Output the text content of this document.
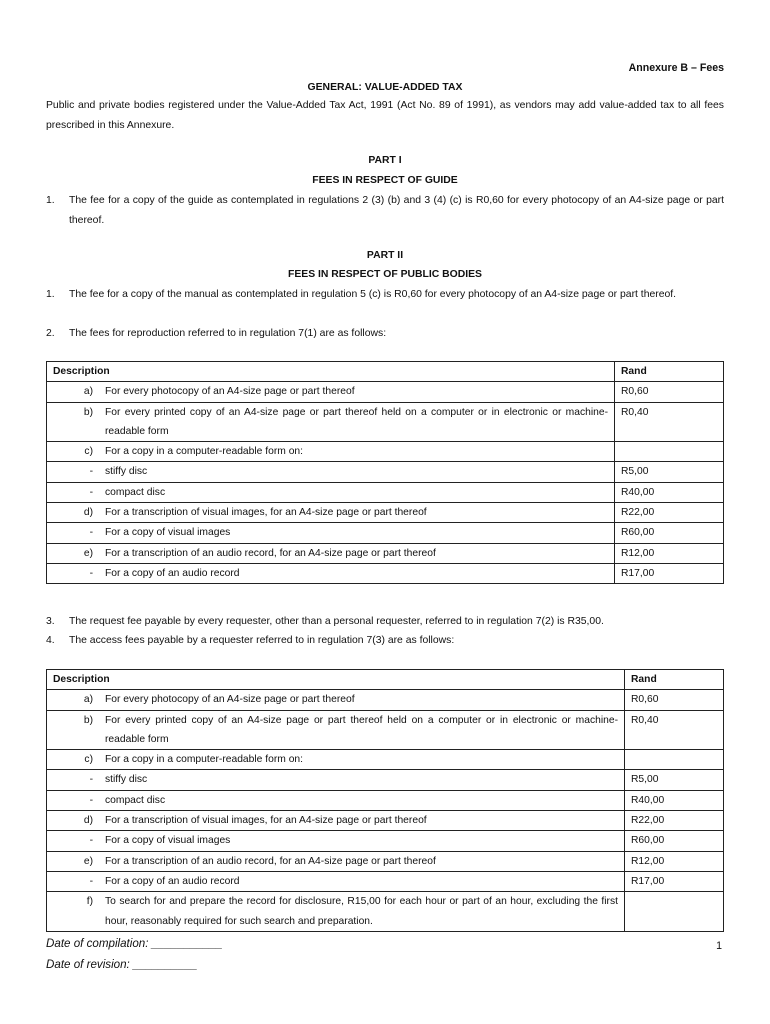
Annexure B – Fees
GENERAL: VALUE-ADDED TAX
Public and private bodies registered under the Value-Added Tax Act, 1991 (Act No. 89 of 1991), as vendors may add value-added tax to all fees prescribed in this Annexure.
PART I
FEES IN RESPECT OF GUIDE
1.	The fee for a copy of the guide as contemplated in regulations 2 (3) (b) and 3 (4) (c) is R0,60 for every photocopy of an A4-size page or part thereof.
PART II
FEES IN RESPECT OF PUBLIC BODIES
1.	The fee for a copy of the manual as contemplated in regulation 5 (c) is R0,60 for every photocopy of an A4-size page or part thereof.
2.	The fees for reproduction referred to in regulation 7(1) are as follows:
Description		Rand
a)	For every photocopy of an A4-size page or part thereof	R0,60
b)	For every printed copy of an A4-size page or part thereof held on a computer or in electronic or machine-readable form	R0,40
c)	For a copy in a computer-readable form on:	
-	stiffy disc	R5,00
-	compact disc	R40,00
d)	For a transcription of visual images, for an A4-size page or part thereof	R22,00
-	For a copy of visual images	R60,00
e)	For a transcription of an audio record, for an A4-size page or part thereof	R12,00
-	For a copy of an audio record	R17,00
3.	The request fee payable by every requester, other than a personal requester, referred to in regulation 7(2) is R35,00.
4.	The access fees payable by a requester referred to in regulation 7(3) are as follows:
Description		Rand
a)	For every photocopy of an A4-size page or part thereof	R0,60
b)	For every printed copy of an A4-size page or part thereof held on a computer or in electronic or machine-readable form	R0,40
c)	For a copy in a computer-readable form on:	
-	stiffy disc	R5,00
-	compact disc	R40,00
d)	For a transcription of visual images, for an A4-size page or part thereof	R22,00
-	For a copy of visual images	R60,00
e)	For a transcription of an audio record, for an A4-size page or part thereof	R12,00
-	For a copy of an audio record	R17,00
f)	To search for and prepare the record for disclosure, R15,00 for each hour or part of an hour, excluding the first hour, reasonably required for such search and preparation.	
Date of compilation: ___________
Date of revision: __________
1
